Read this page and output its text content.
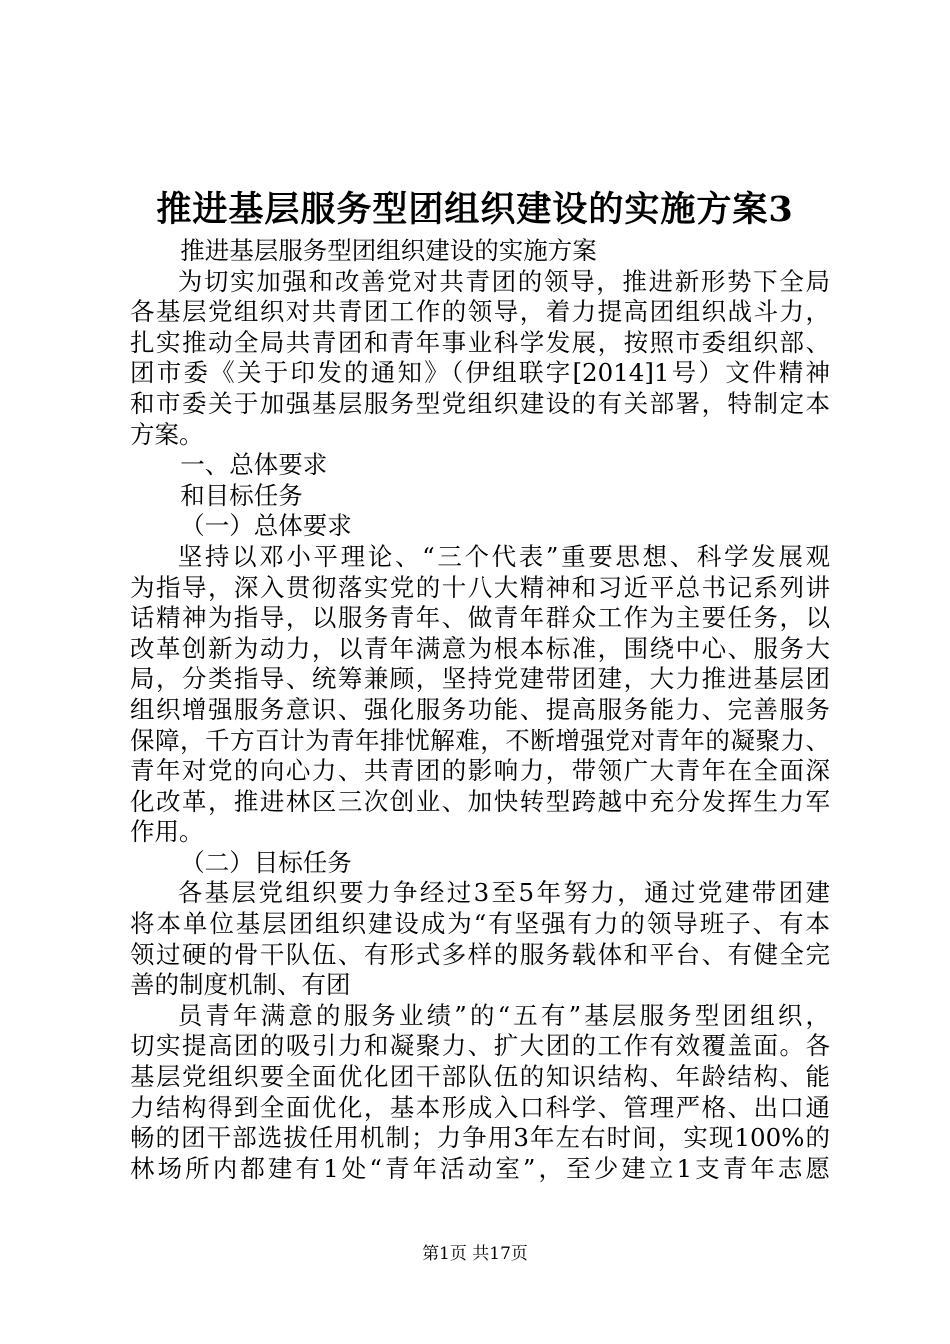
推进基层服务型团组织建设的实施方案3

推进基层服务型团组织建设的实施方案

为切实加强和改善党对共青团的领导，推进新形势下全局

各基层党组织对共青团工作的领导，着力提高团组织战斗力，

扎实推动全局共青团和青年事业科学发展，按照市委组织部、

团市委《关于印发的通知》（伊组联字[2014]1号）文件精神

和市委关于加强基层服务型党组织建设的有关部署，特制定本

方案。

一、总体要求

和目标任务

（一）总体要求

坚持以邓小平理论、“三个代表”重要思想、科学发展观

为指导，深入贯彻落实党的十八大精神和习近平总书记系列讲

话精神为指导，以服务青年、做青年群众工作为主要任务，以

改革创新为动力，以青年满意为根本标准，围绕中心、服务大

局，分类指导、统筹兼顾，坚持党建带团建，大力推进基层团

组织增强服务意识、强化服务功能、提高服务能力、完善服务

保障，千方百计为青年排忧解难，不断增强党对青年的凝聚力、

青年对党的向心力、共青团的影响力，带领广大青年在全面深

化改革，推进林区三次创业、加快转型跨越中充分发挥生力军

作用。

（二）目标任务

各基层党组织要力争经过3至5年努力，通过党建带团建

将本单位基层团组织建设成为“有坚强有力的领导班子、有本

领过硬的骨干队伍、有形式多样的服务载体和平台、有健全完

善的制度机制、有团

员青年满意的服务业绩”的“五有”基层服务型团组织，

切实提高团的吸引力和凝聚力、扩大团的工作有效覆盖面。各

基层党组织要全面优化团干部队伍的知识结构、年龄结构、能

力结构得到全面优化，基本形成入口科学、管理严格、出口通

畅的团干部选拔任用机制；力争用3年左右时间，实现100%的

林场所内都建有1处“青年活动室”，至少建立1支青年志愿

第1页 共17页
